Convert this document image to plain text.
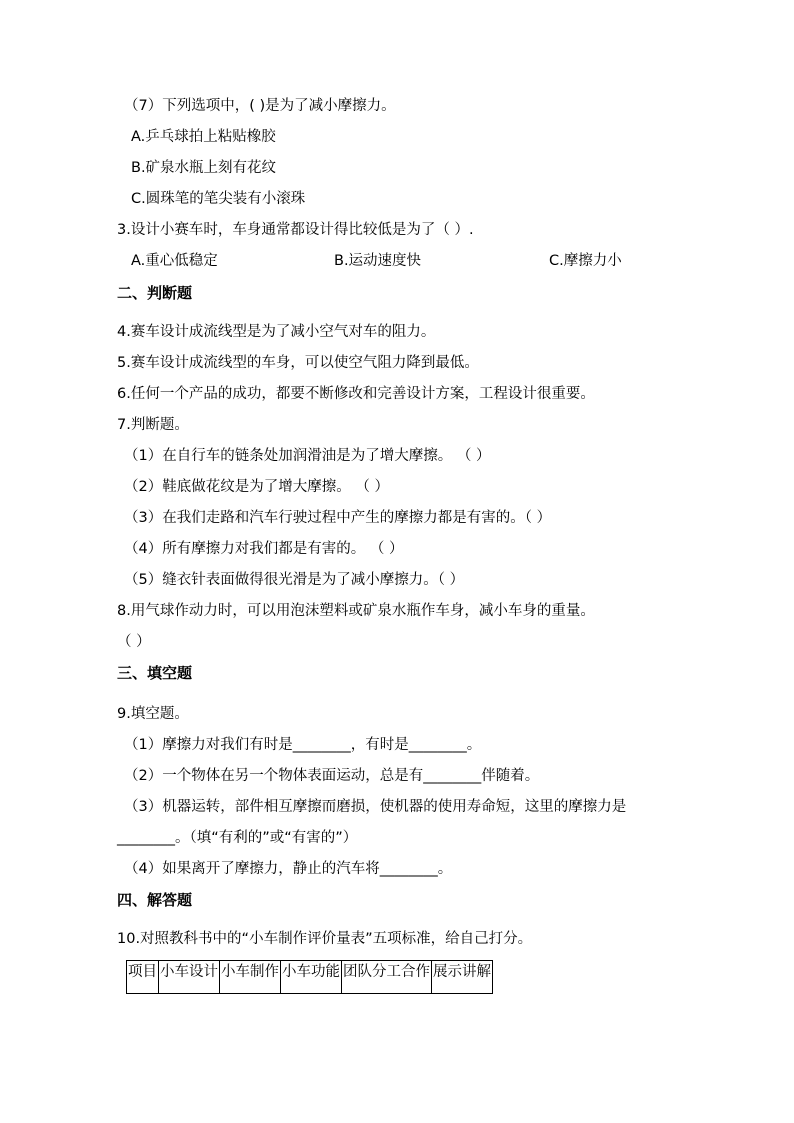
（7）下列选项中，( )是为了减小摩擦力。
A.乒乓球拍上粘贴橡胶
B.矿泉水瓶上刻有花纹
C.圆珠笔的笔尖装有小滚珠
3.设计小赛车时，车身通常都设计得比较低是为了（ ）.
A.重心低稳定	B.运动速度快	C.摩擦力小
二、判断题
4.赛车设计成流线型是为了减小空气对车的阻力。
5.赛车设计成流线型的车身，可以使空气阻力降到最低。
6.任何一个产品的成功，都要不断修改和完善设计方案，工程设计很重要。
7.判断题。
（1）在自行车的链条处加润滑油是为了增大摩擦。 （ ）
（2）鞋底做花纹是为了增大摩擦。 （ ）
（3）在我们走路和汽车行驶过程中产生的摩擦力都是有害的。（ ）
（4）所有摩擦力对我们都是有害的。 （ ）
（5）缝衣针表面做得很光滑是为了减小摩擦力。（ ）
8.用气球作动力时，可以用泡沫塑料或矿泉水瓶作车身，减小车身的重量。
（ ）
三、填空题
9.填空题。
（1）摩擦力对我们有时是________，有时是________。
（2）一个物体在另一个物体表面运动，总是有________伴随着。
（3）机器运转，部件相互摩擦而磨损，使机器的使用寿命短，这里的摩擦力是
________。（填“有利的”或“有害的”）
（4）如果离开了摩擦力，静止的汽车将________。
四、解答题
10.对照教科书中的“小车制作评价量表”五项标准，给自己打分。
项目	小车设计	小车制作	小车功能	团队分工合作	展示讲解
